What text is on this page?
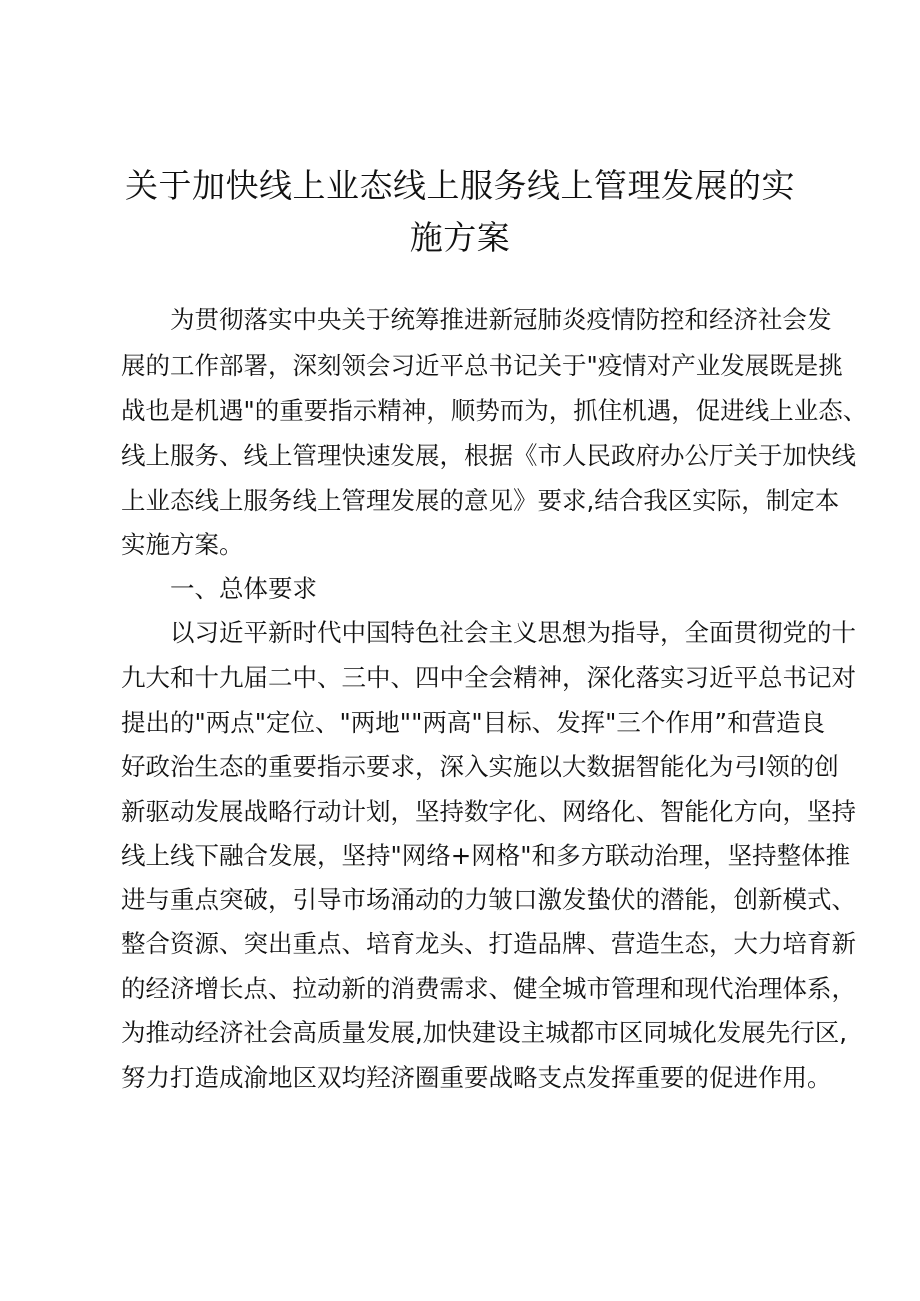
关于加快线上业态线上服务线上管理发展的实
施方案
为贯彻落实中央关于统筹推进新冠肺炎疫情防控和经济社会发
展的工作部署，深刻领会习近平总书记关于"疫情对产业发展既是挑
战也是机遇"的重要指示精神，顺势而为，抓住机遇，促进线上业态、
线上服务、线上管理快速发展，根据《市人民政府办公厅关于加快线
上业态线上服务线上管理发展的意见》要求,结合我区实际，制定本
实施方案。
一、总体要求
以习近平新时代中国特色社会主义思想为指导，全面贯彻党的十
九大和十九届二中、三中、四中全会精神，深化落实习近平总书记对
提出的"两点"定位、"两地""两高"目标、发挥"三个作用”和营造良
好政治生态的重要指示要求，深入实施以大数据智能化为弓I领的创
新驱动发展战略行动计划，坚持数字化、网络化、智能化方向，坚持
线上线下融合发展，坚持"网络+网格"和多方联动治理，坚持整体推
进与重点突破，引导市场涌动的力皱口激发蛰伏的潜能，创新模式、
整合资源、突出重点、培育龙头、打造品牌、营造生态，大力培育新
的经济增长点、拉动新的消费需求、健全城市管理和现代治理体系，
为推动经济社会高质量发展,加快建设主城都市区同城化发展先行区,
努力打造成渝地区双均羟济圈重要战略支点发挥重要的促进作用。
